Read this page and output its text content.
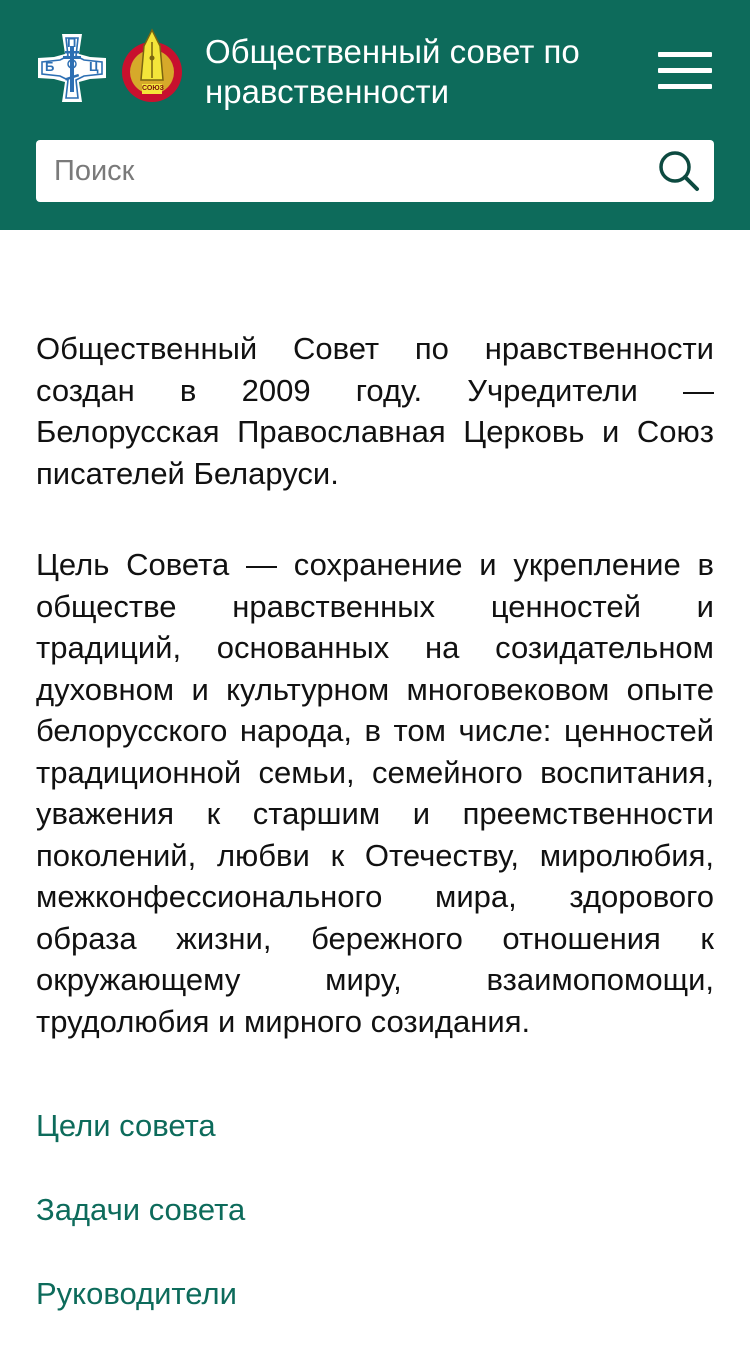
Б
П
Ц
СОЮЗ
Общественный совет по нравственности
Поиск

Общественный Совет по нравственности создан в 2009 году. Учредители — Белорусская Православная Церковь и Союз писателей Беларуси.

Цель Совета — сохранение и укрепление в обществе нравственных ценностей и традиций, основанных на созидательном духовном и культурном многовековом опыте белорусского народа, в том числе: ценностей традиционной семьи, семейного воспитания, уважения к старшим и преемственности поколений, любви к Отечеству, миролюбия, межконфессионального мира, здорового образа жизни, бережного отношения к окружающему миру, взаимопомощи, трудолюбия и мирного созидания.

Цели совета
Задачи совета
Руководители
